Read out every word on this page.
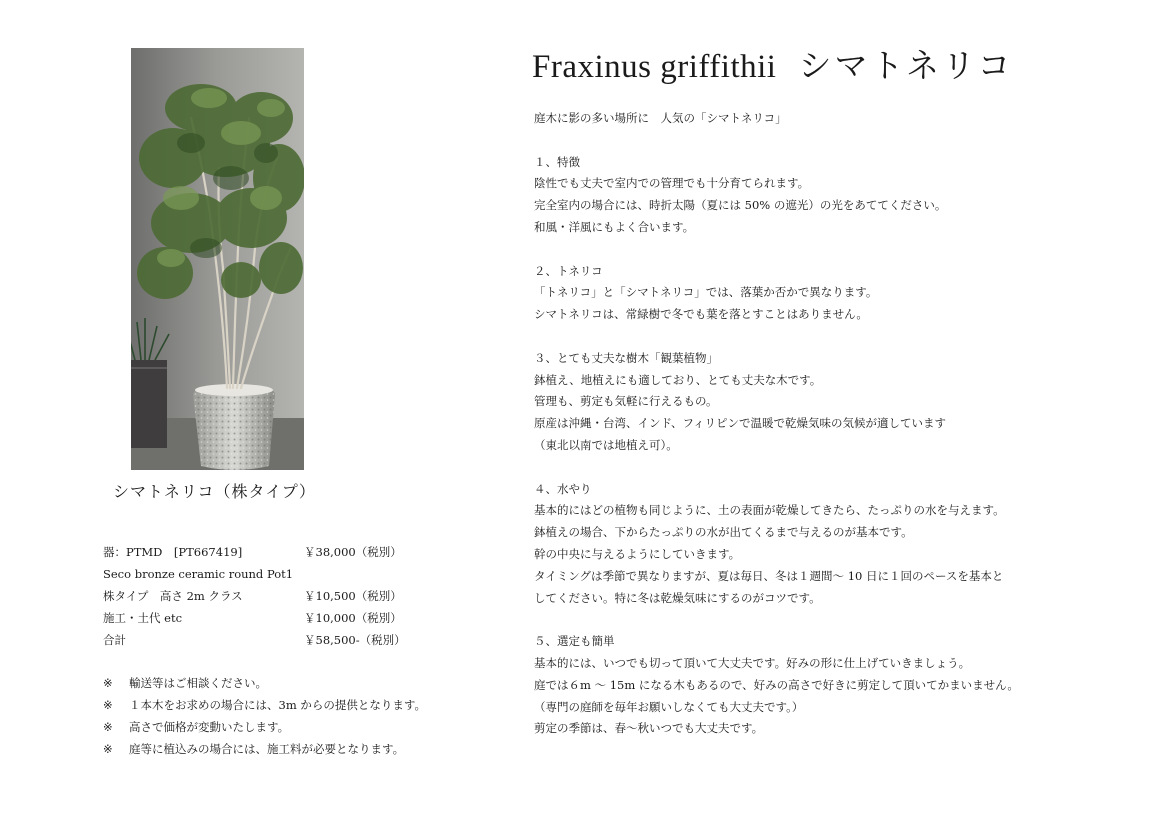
シマトネリコ（株タイプ）
器：PTMD　[PT667419]	￥38,000（税別）
Seco bronze ceramic round Pot1
株タイプ　高さ 2m クラス	￥10,500（税別）
施工・土代 etc	￥10,000（税別）
合計	￥58,500-（税別）
※ 輸送等はご相談ください。
※ １本木をお求めの場合には、3m からの提供となります。
※ 高さで価格が変動いたします。
※ 庭等に植込みの場合には、施工料が必要となります。
Fraxinus griffithii シマトネリコ
庭木に影の多い場所に　人気の「シマトネリコ」
１、特徴
陰性でも丈夫で室内での管理でも十分育てられます。
完全室内の場合には、時折太陽（夏には 50% の遮光）の光をあててください。
和風・洋風にもよく合います。
２、トネリコ
「トネリコ」と「シマトネリコ」では、落葉か否かで異なります。
シマトネリコは、常緑樹で冬でも葉を落とすことはありません。
３、とても丈夫な樹木「観葉植物」
鉢植え、地植えにも適しており、とても丈夫な木です。
管理も、剪定も気軽に行えるもの。
原産は沖縄・台湾、インド、フィリピンで温暖で乾燥気味の気候が適しています
（東北以南では地植え可）。
４、水やり
基本的にはどの植物も同じように、土の表面が乾燥してきたら、たっぷりの水を与えます。
鉢植えの場合、下からたっぷりの水が出てくるまで与えるのが基本です。
幹の中央に与えるようにしていきます。
タイミングは季節で異なりますが、夏は毎日、冬は１週間～ 10 日に１回のペースを基本と
してください。特に冬は乾燥気味にするのがコツです。
５、選定も簡単
基本的には、いつでも切って頂いて大丈夫です。好みの形に仕上げていきましょう。
庭では６m ～ 15m になる木もあるので、好みの高さで好きに剪定して頂いてかまいません。
（専門の庭師を毎年お願いしなくても大丈夫です。）
剪定の季節は、春～秋いつでも大丈夫です。
